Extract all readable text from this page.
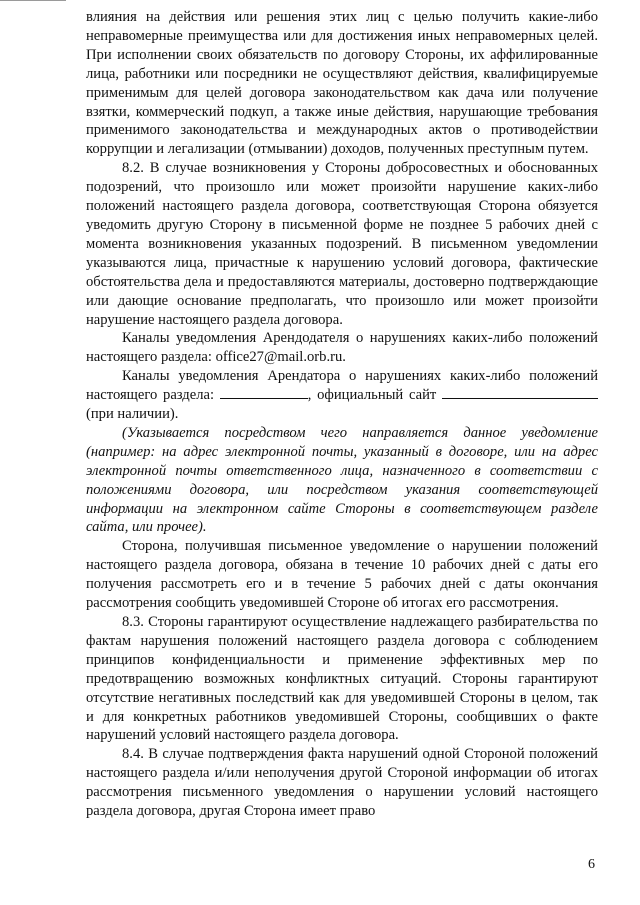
влияния на действия или решения этих лиц с целью получить какие-либо неправомерные преимущества или для достижения иных неправомерных целей. При исполнении своих обязательств по договору Стороны, их аффилированные лица, работники или посредники не осуществляют действия, квалифицируемые применимым для целей договора законодательством как дача или получение взятки, коммерческий подкуп, а также иные действия, нарушающие требования применимого законодательства и международных актов о противодействии коррупции и легализации (отмывании) доходов, полученных преступным путем.

8.2. В случае возникновения у Стороны добросовестных и обоснованных подозрений, что произошло или может произойти нарушение каких-либо положений настоящего раздела договора, соответствующая Сторона обязуется уведомить другую Сторону в письменной форме не позднее 5 рабочих дней с момента возникновения указанных подозрений. В письменном уведомлении указываются лица, причастные к нарушению условий договора, фактические обстоятельства дела и предоставляются материалы, достоверно подтверждающие или дающие основание предполагать, что произошло или может произойти нарушение настоящего раздела договора.

Каналы уведомления Арендодателя о нарушениях каких-либо положений настоящего раздела: office27@mail.orb.ru.

Каналы уведомления Арендатора о нарушениях каких-либо положений настоящего раздела:	, официальный сайт  (при наличии).

(Указывается посредством чего направляется данное уведомление (например: на адрес электронной почты, указанный в договоре, или на адрес электронной почты ответственного лица, назначенного в соответствии с положениями договора, или посредством указания соответствующей информации на электронном сайте Стороны в соответствующем разделе сайта, или прочее).

Сторона, получившая письменное уведомление о нарушении положений настоящего раздела договора, обязана в течение 10 рабочих дней с даты его получения рассмотреть его и в течение 5 рабочих дней с даты окончания рассмотрения сообщить уведомившей Стороне об итогах его рассмотрения.

8.3. Стороны гарантируют осуществление надлежащего разбирательства по фактам нарушения положений настоящего раздела договора с соблюдением принципов конфиденциальности и применение эффективных мер по предотвращению возможных конфликтных ситуаций. Стороны гарантируют отсутствие негативных последствий как для уведомившей Стороны в целом, так и для конкретных работников уведомившей Стороны, сообщивших о факте нарушений условий настоящего раздела договора.

8.4. В случае подтверждения факта нарушений одной Стороной положений настоящего раздела и/или неполучения другой Стороной информации об итогах рассмотрения письменного уведомления о нарушении условий настоящего раздела договора, другая Сторона имеет право

6
